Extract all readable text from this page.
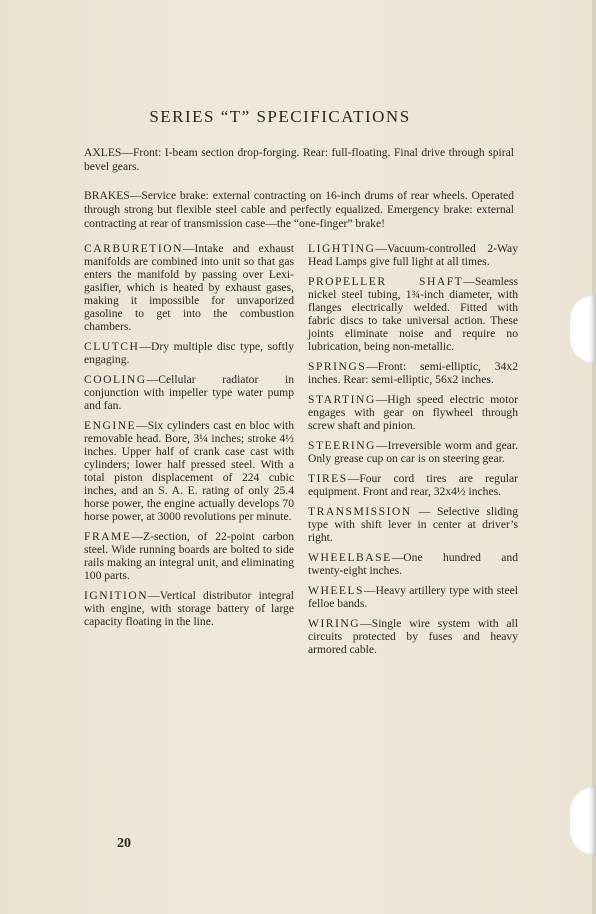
SERIES “T” SPECIFICATIONS

AXLES—Front: I-beam section drop-forging. Rear: full-floating. Final drive through spiral bevel gears.

BRAKES—Service brake: external contracting on 16-inch drums of rear wheels. Operated through strong but flexible steel cable and perfectly equalized. Emergency brake: external contracting at rear of transmission case—the “one-finger” brake!

CARBURETION—Intake and exhaust manifolds are combined into unit so that gas enters the manifold by passing over Lexi-gasifier, which is heated by exhaust gases, making it impossible for unvaporized gasoline to get into the combustion chambers.

CLUTCH—Dry multiple disc type, softly engaging.

COOLING—Cellular radiator in conjunction with impeller type water pump and fan.

ENGINE—Six cylinders cast en bloc with removable head. Bore, 3¼ inches; stroke 4½ inches. Upper half of crank case cast with cylinders; lower half pressed steel. With a total piston displacement of 224 cubic inches, and an S. A. E. rating of only 25.4 horse power, the engine actually develops 70 horse power, at 3000 revolutions per minute.

FRAME—Z-section, of 22-point carbon steel. Wide running boards are bolted to side rails making an integral unit, and eliminating 100 parts.

IGNITION—Vertical distributor integral with engine, with storage battery of large capacity floating in the line.

LIGHTING—Vacuum-controlled 2-Way Head Lamps give full light at all times.

PROPELLER SHAFT—Seamless nickel steel tubing, 1¾-inch diameter, with flanges electrically welded. Fitted with fabric discs to take universal action. These joints eliminate noise and require no lubrication, being non-metallic.

SPRINGS—Front: semi-elliptic, 34x2 inches. Rear: semi-elliptic, 56x2 inches.

STARTING—High speed electric motor engages with gear on flywheel through screw shaft and pinion.

STEERING—Irreversible worm and gear. Only grease cup on car is on steering gear.

TIRES—Four cord tires are regular equipment. Front and rear, 32x4½ inches.

TRANSMISSION — Selective sliding type with shift lever in center at driver’s right.

WHEELBASE—One hundred and twenty-eight inches.

WHEELS—Heavy artillery type with steel felloe bands.

WIRING—Single wire system with all circuits protected by fuses and heavy armored cable.

20
